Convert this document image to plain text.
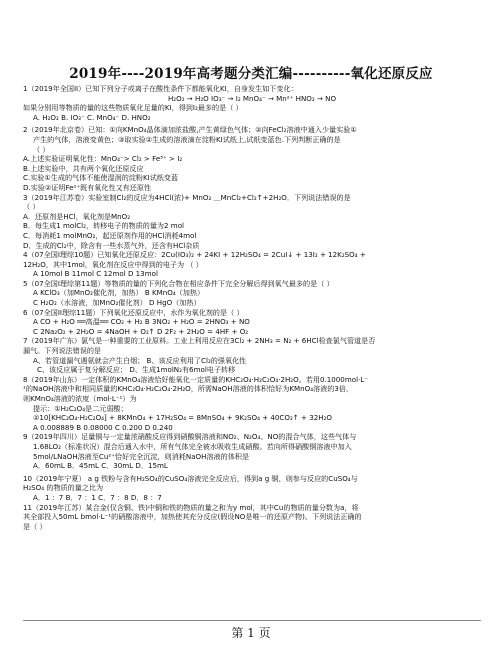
2019年----2019年高考题分类汇编----------氧化还原反应
1（2019年全国II）已知下列分子或离子在酸性条件下都能氧化KI，自身发生如下变化：
H₂O₂ → H₂O IO₃⁻ → I₂ MnO₄⁻ → Mn²⁺ HNO₂ → NO
如果分别用等物质的量的这些物质氧化足量的KI，得到I₂最多的是（ ）
A. H₂O₂ B. IO₃⁻ C. MnO₄⁻ D. HNO₂
2（2019年北京卷）已知：①向KMnO₄晶体滴加浓盐酸,产生黄绿色气体；②向FeCl₂溶液中通入少量实验①
产生的气体，溶液变黄色；③取实验②生成的溶液滴在淀粉KI试纸上,试纸变蓝色.下列判断正确的是
（ ）
A.上述实验证明氧化性：MnO₄⁻> Cl₂ > Fe³⁺ > I₂
B.上述实验中，共有两个氧化还原反应
C.实验①生成的气体不能使湿润的淀粉KI试纸变蓝
D.实验②证明Fe²⁺既有氧化性又有还原性
3（2019年江苏卷）实验室制Cl₂的反应为4HCl(浓)+ MnO₂ ＿MnCl₂+Cl₂↑+2H₂O．下列说法错误的是
（ ）
A．还原剂是HCl，氧化剂是MnO₂
B．每生成1 molCl₂，转移电子的物质的量为2 mol
C．每消耗1 molMnO₂，起还原剂作用的HCl消耗4mol
D．生成的Cl₂中，除含有一些水蒸气外，还含有HCl杂质
4（07全国I理综10题）已知氧化还原反应：2Cu(IO₃)₂ + 24KI + 12H₂SO₄ = 2CuI↓ + 13I₂ + 12K₂SO₄ +
12H₂O，其中1mol，氧化剂在反应中得到的电子为 （ ）
A 10mol B 11mol C 12mol D 13mol
5（07全国I理综第11题）等物质的量的下列化合物在相应条件下完全分解后得到氧气最多的是（ ）
A KClO₃（加MnO₂催化剂，加热） B KMnO₄（加热）
C H₂O₂（水溶液，加MnO₂催化剂） D HgO（加热）
6（07全国II理综11题）下列氧化还原反应中，水作为氧化剂的是（ ）
A CO + H₂O ══高温══ CO₂ + H₂ B 3NO₂ + H₂O = 2HNO₃ + NO
C 2Na₂O₂ + 2H₂O = 4NaOH + O₂↑ D 2F₂ + 2H₂O = 4HF + O₂
7（2019年广东）氯气是一种重要的工业原料。工业上利用反应在3Cl₂ + 2NH₃ = N₂ + 6HCl检查氯气管道是否
漏气。下列说法错误的是
A、若管道漏气遇氨就会产生白烟； B、该反应利用了Cl₂的强氧化性
C、该反应属于复分解反应； D、生成1molN₂有6mol电子转移
8（2019年山东）一定体积的KMnO₄溶液恰好能氧化一定质量的KHC₂O₄·H₂C₂O₄·2H₂O。若用0.1000mol·L⁻
¹的NaOH溶液中和相同质量的KHC₂O₄·H₂C₂O₄·2H₂O，所需NaOH溶液的体积恰好为KMnO₄溶液的3倍，
则KMnO₄溶液的浓度（mol·L⁻¹）为
提示：①H₂C₂O₄是二元弱酸；
②10[KHC₂O₄·H₂C₂O₄] + 8KMnO₄ + 17H₂SO₄ = 8MnSO₄ + 9K₂SO₄ + 40CO₂↑ + 32H₂O
A 0.008889 B 0.08000 C 0.200 D 0.240
9（2019年四川）足量铜与一定量浓硝酸反应得到硝酸铜溶液和NO₂、N₂O₄、NO的混合气体，这些气体与
1.68LO₂（标准状况）混合后通入水中，所有气体完全被水吸收生成硝酸。若向所得硝酸铜溶液中加入
5mol/LNaOH溶液至Cu²⁺恰好完全沉淀，则消耗NaOH溶液的体积是
A．60mL B．45mL C．30mL D．15mL
10（2019年宁夏） a g 铁粉与含有H₂SO₄的CuSO₄溶液完全反应后，得到a g 铜，则参与反应的CuSO₄与
H₂SO₄ 的物质的量之比为
A．1 ：7 B．7 ：1 C．7 ：8 D．8 ：7
11（2019年江苏）某合金(仅含铜、铁)中铜和铁的物质的量之和为y mol，其中Cu的物质的量分数为a，将
其全部投入50mL bmol·L⁻¹的硝酸溶液中，加热使其充分反应(假设NO是唯一的还原产物)。下列说法正确的
是（ ）
第 1 页
